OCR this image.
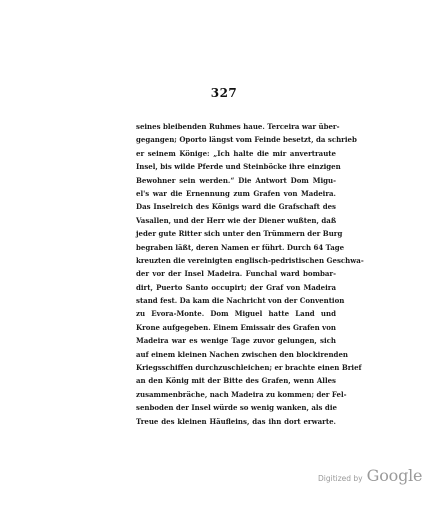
327
seines bleibenden Ruhmes haue. Terceira war über-
gegangen; Oporto längst vom Feinde besetzt, da schrieb
er seinem Könige: „Ich halte die mir anvertraute
Insel, bis wilde Pferde und Steinböcke ihre einzigen
Bewohner sein werden.“ Die Antwort Dom Migu-
el's war die Ernennung zum Grafen von Madeira.
Das Inselreich des Königs ward die Grafschaft des
Vasallen, und der Herr wie der Diener wußten, daß
jeder gute Ritter sich unter den Trümmern der Burg
begraben läßt, deren Namen er führt. Durch 64 Tage
kreuzten die vereinigten englisch-pedristischen Geschwa-
der vor der Insel Madeira. Funchal ward bombar-
dirt, Puerto Santo occupirt; der Graf von Madeira
stand fest. Da kam die Nachricht von der Convention
zu Evora-Monte. Dom Miguel hatte Land und
Krone aufgegeben. Einem Emissair des Grafen von
Madeira war es wenige Tage zuvor gelungen, sich
auf einem kleinen Nachen zwischen den blockirenden
Kriegsschiffen durchzuschleichen; er brachte einen Brief
an den König mit der Bitte des Grafen, wenn Alles
zusammenbräche, nach Madeira zu kommen; der Fel-
senboden der Insel würde so wenig wanken, als die
Treue des kleinen Häufleins, das ihn dort erwarte.
Digitized by Google
